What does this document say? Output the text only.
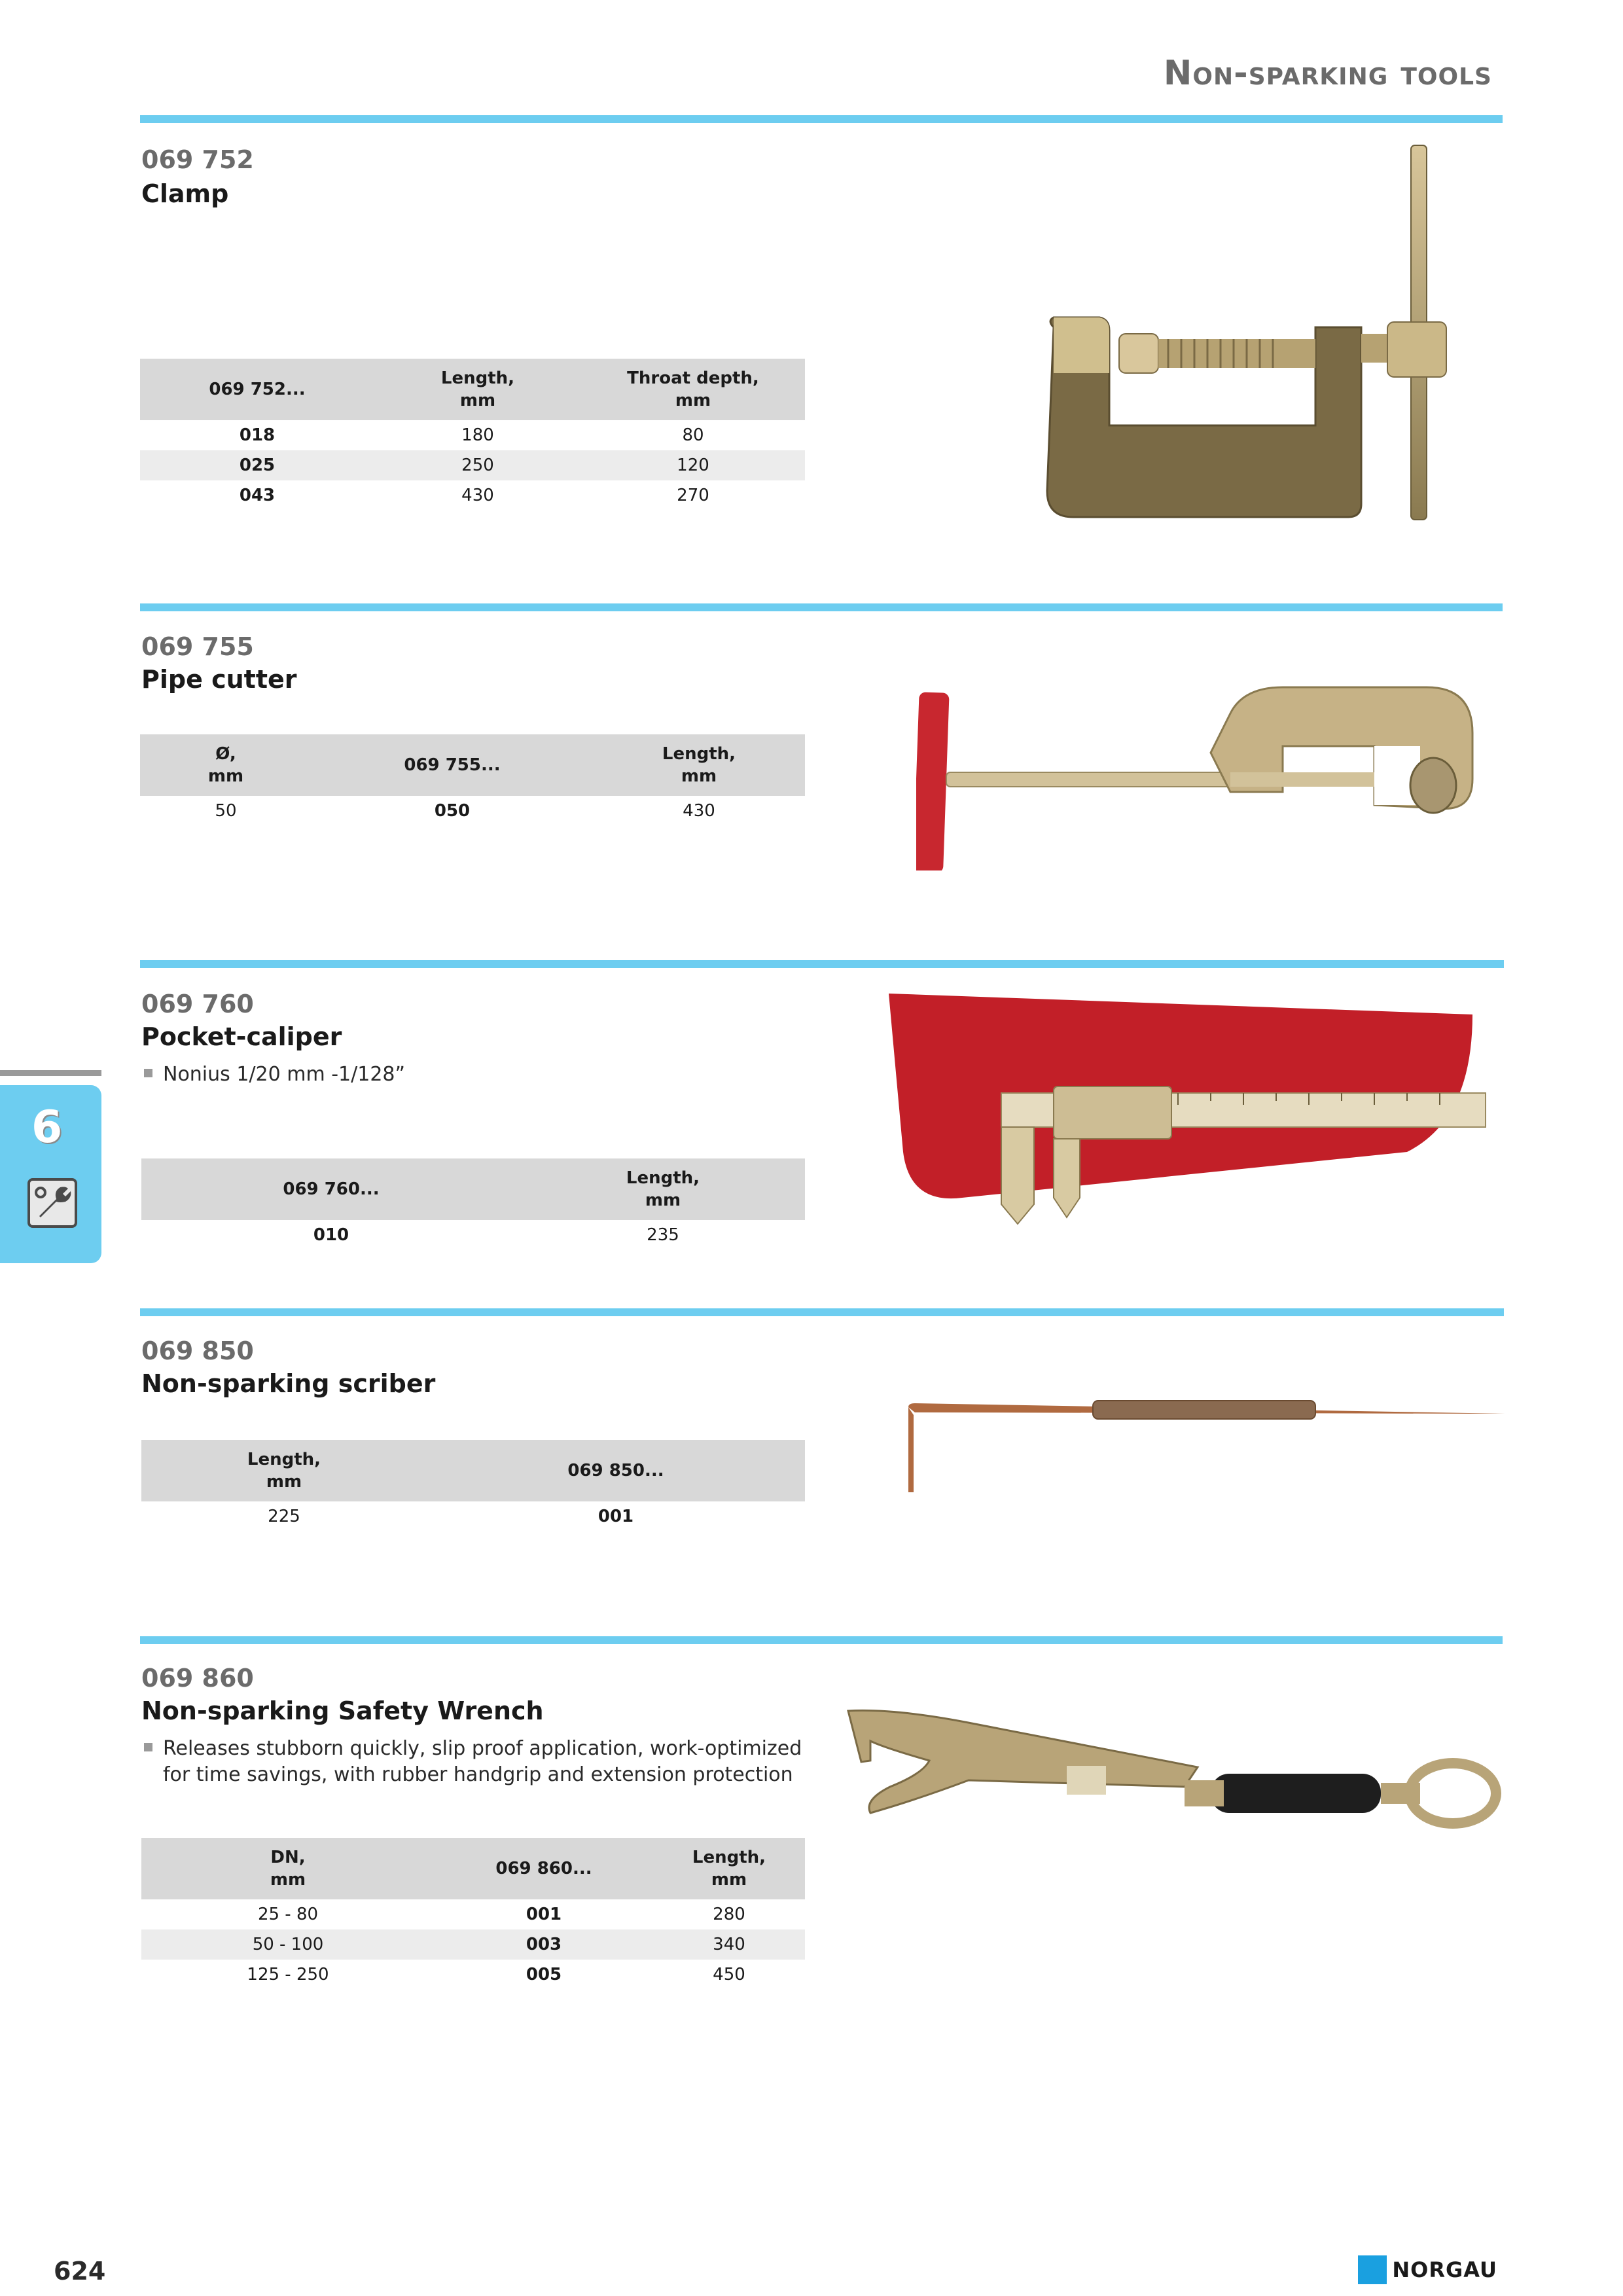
Non-sparking tools
069 752
Clamp
069 752...	Length,
mm	Throat depth,
mm
018	180	80
025	250	120
043	430	270
069 755
Pipe cutter
Ø,
mm	069 755...	Length,
mm
50	050	430
069 760
Pocket-caliper
Nonius 1/20 mm -1/128”
069 760...	Length,
mm
010	235
069 850
Non-sparking scriber
Length,
mm	069 850...
225	001
069 860
Non-sparking Safety Wrench
Releases stubborn quickly, slip proof application, work-optimized
for time savings, with rubber handgrip and extension protection
DN,
mm	069 860...	Length,
mm
25 - 80	001	280
50 - 100	003	340
125 - 250	005	450
6
624	NORGAU
